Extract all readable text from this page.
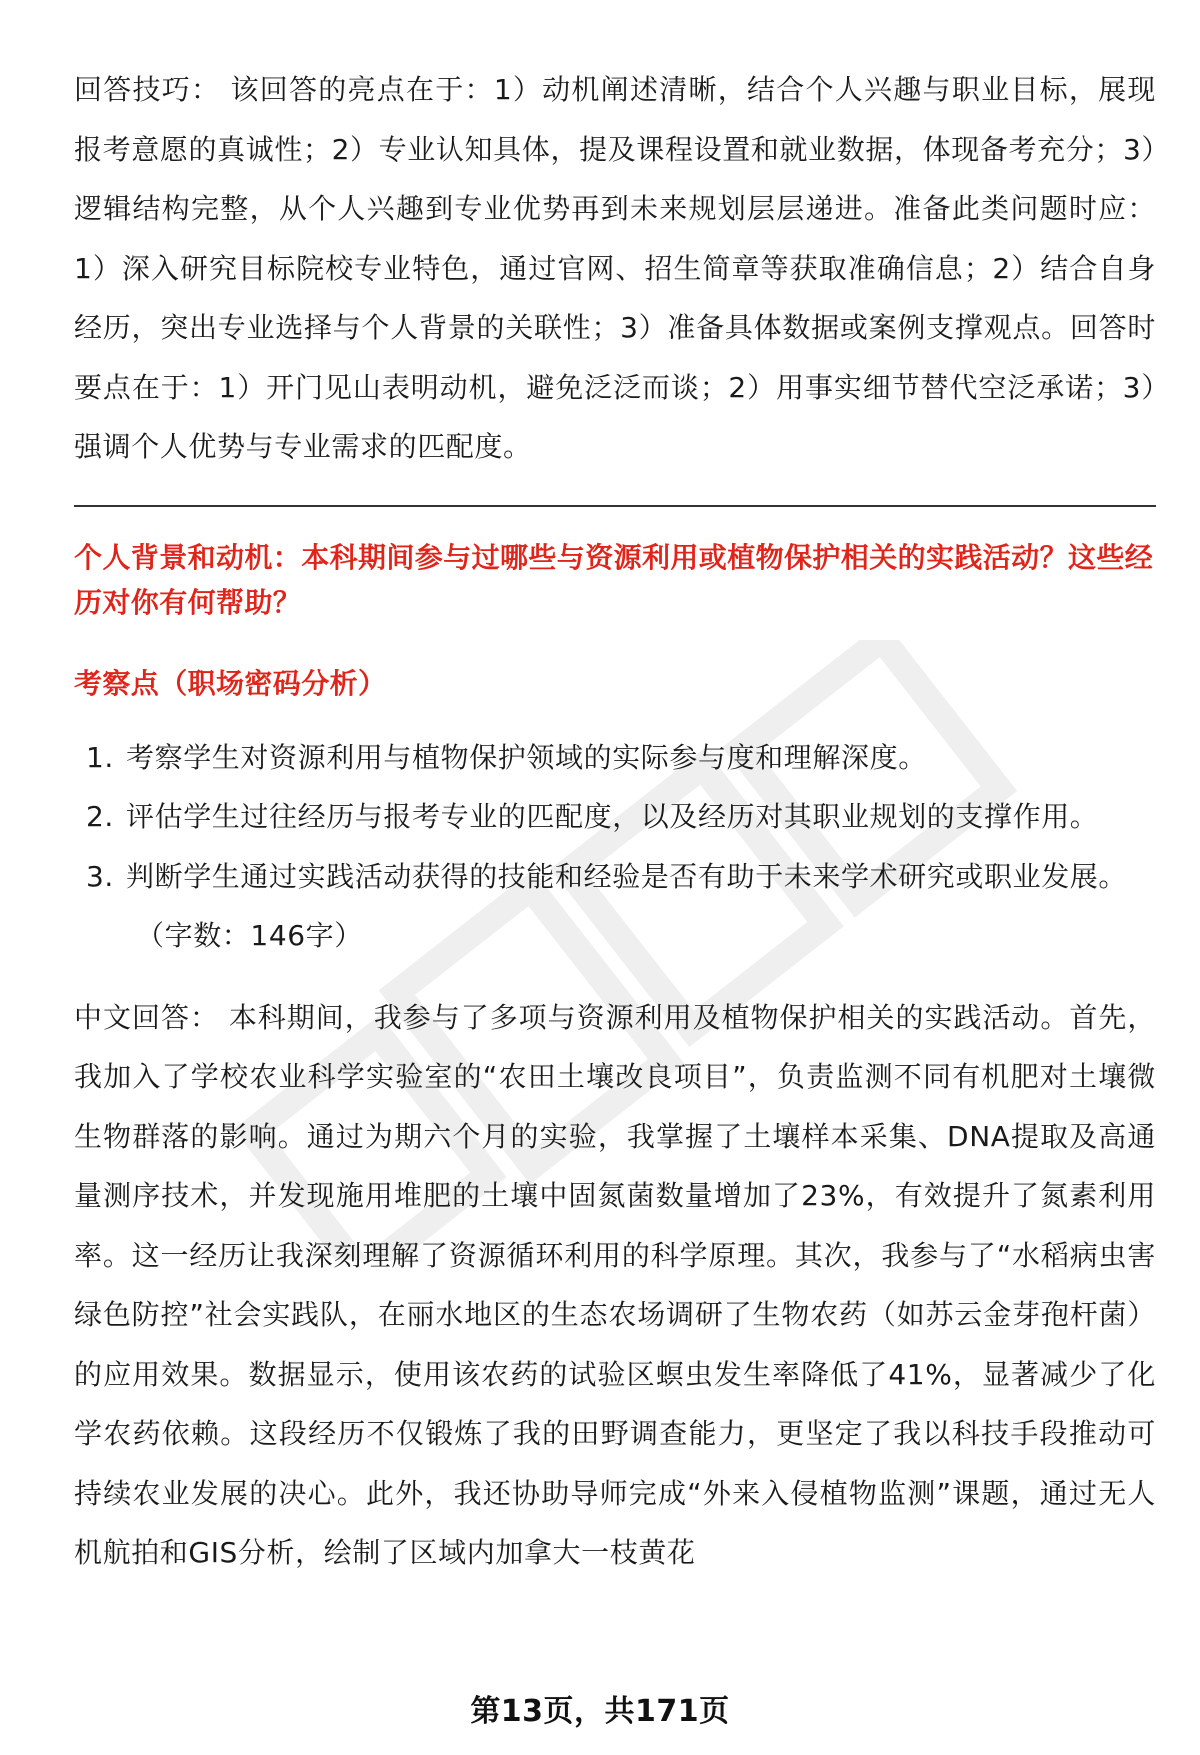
回答技巧： 该回答的亮点在于：1）动机阐述清晰，结合个人兴趣与职业目标，展现报考意愿的真诚性；2）专业认知具体，提及课程设置和就业数据，体现备考充分；3）逻辑结构完整，从个人兴趣到专业优势再到未来规划层层递进。准备此类问题时应：1）深入研究目标院校专业特色，通过官网、招生简章等获取准确信息；2）结合自身经历，突出专业选择与个人背景的关联性；3）准备具体数据或案例支撑观点。回答时要点在于：1）开门见山表明动机，避免泛泛而谈；2）用事实细节替代空泛承诺；3）强调个人优势与专业需求的匹配度。

个人背景和动机：本科期间参与过哪些与资源利用或植物保护相关的实践活动？这些经历对你有何帮助？

考察点（职场密码分析）

1. 考察学生对资源利用与植物保护领域的实际参与度和理解深度。
2. 评估学生过往经历与报考专业的匹配度，以及经历对其职业规划的支撑作用。
3. 判断学生通过实践活动获得的技能和经验是否有助于未来学术研究或职业发展。

（字数：146字）

中文回答： 本科期间，我参与了多项与资源利用及植物保护相关的实践活动。首先，我加入了学校农业科学实验室的“农田土壤改良项目”，负责监测不同有机肥对土壤微生物群落的影响。通过为期六个月的实验，我掌握了土壤样本采集、DNA提取及高通量测序技术，并发现施用堆肥的土壤中固氮菌数量增加了23%，有效提升了氮素利用率。这一经历让我深刻理解了资源循环利用的科学原理。其次，我参与了“水稻病虫害绿色防控”社会实践队，在丽水地区的生态农场调研了生物农药（如苏云金芽孢杆菌）的应用效果。数据显示，使用该农药的试验区螟虫发生率降低了41%，显著减少了化学农药依赖。这段经历不仅锻炼了我的田野调查能力，更坚定了我以科技手段推动可持续农业发展的决心。此外，我还协助导师完成“外来入侵植物监测”课题，通过无人机航拍和GIS分析，绘制了区域内加拿大一枝黄花

第13页，共171页
